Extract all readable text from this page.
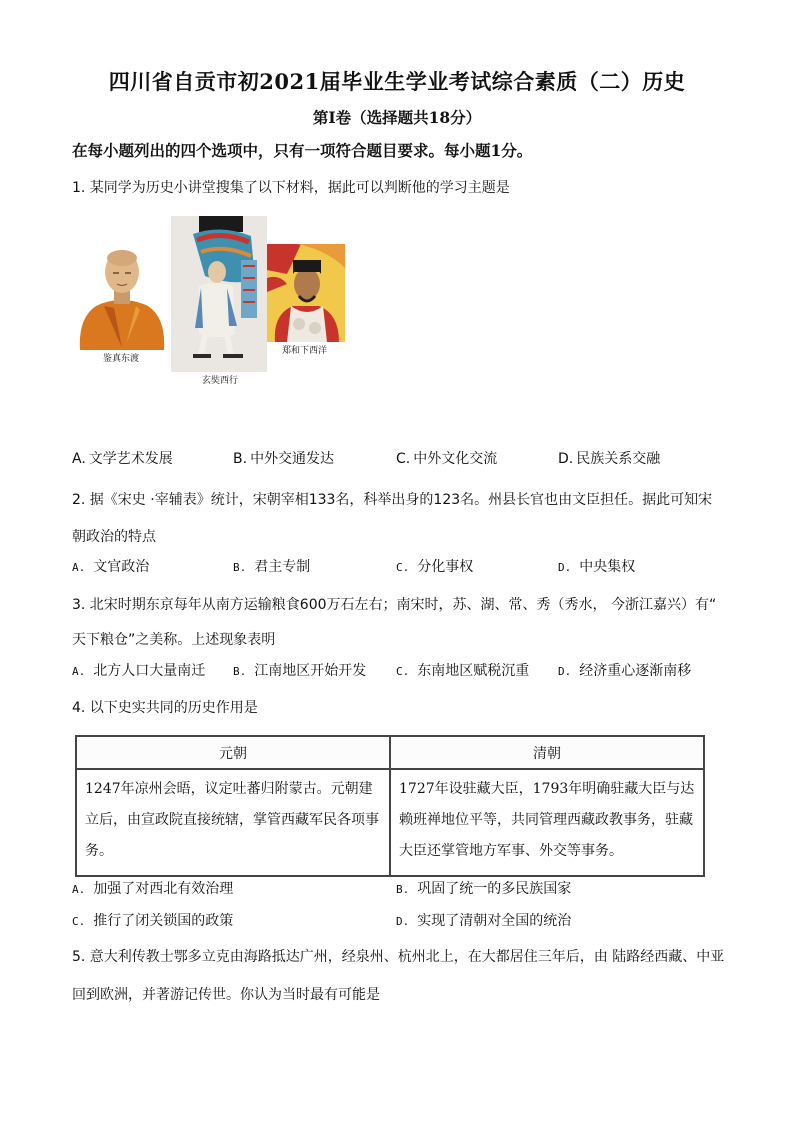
四川省自贡市初2021届毕业生学业考试综合素质（二）历史
第Ⅰ卷（选择题共18分）
在每小题列出的四个选项中，只有一项符合题目要求。每小题1分。
1. 某同学为历史小讲堂搜集了以下材料，据此可以判断他的学习主题是
鉴真东渡
玄奘西行
郑和下西洋
A. 文学艺术发展	B. 中外交通发达	C. 中外文化交流	D. 民族关系交融
2. 据《宋史 ·宰辅表》统计，宋朝宰相133名，科举出身的123名。州县长官也由文臣担任。据此可知宋
朝政治的特点
A. 文官政治	B. 君主专制	C. 分化事权	D. 中央集权
3. 北宋时期东京每年从南方运输粮食600万石左右；南宋时，苏、湖、常、秀（秀水， 今浙江嘉兴）有“
天下粮仓”之美称。上述现象表明
A. 北方人口大量南迁	B. 江南地区开始开发	C. 东南地区赋税沉重	D. 经济重心逐渐南移
4. 以下史实共同的历史作用是
元朝	清朝
1247年凉州会晤，议定吐蕃归附蒙古。元朝建立后，由宣政院直接统辖，掌管西藏军民各项事务。	1727年设驻藏大臣，1793年明确驻藏大臣与达赖班禅地位平等，共同管理西藏政教事务，驻藏大臣还掌管地方军事、外交等事务。
A. 加强了对西北有效治理	B. 巩固了统一的多民族国家
C. 推行了闭关锁国的政策	D. 实现了清朝对全国的统治
5. 意大利传教士鄂多立克由海路抵达广州，经泉州、杭州北上，在大都居住三年后，由 陆路经西藏、中亚
回到欧洲，并著游记传世。你认为当时最有可能是
